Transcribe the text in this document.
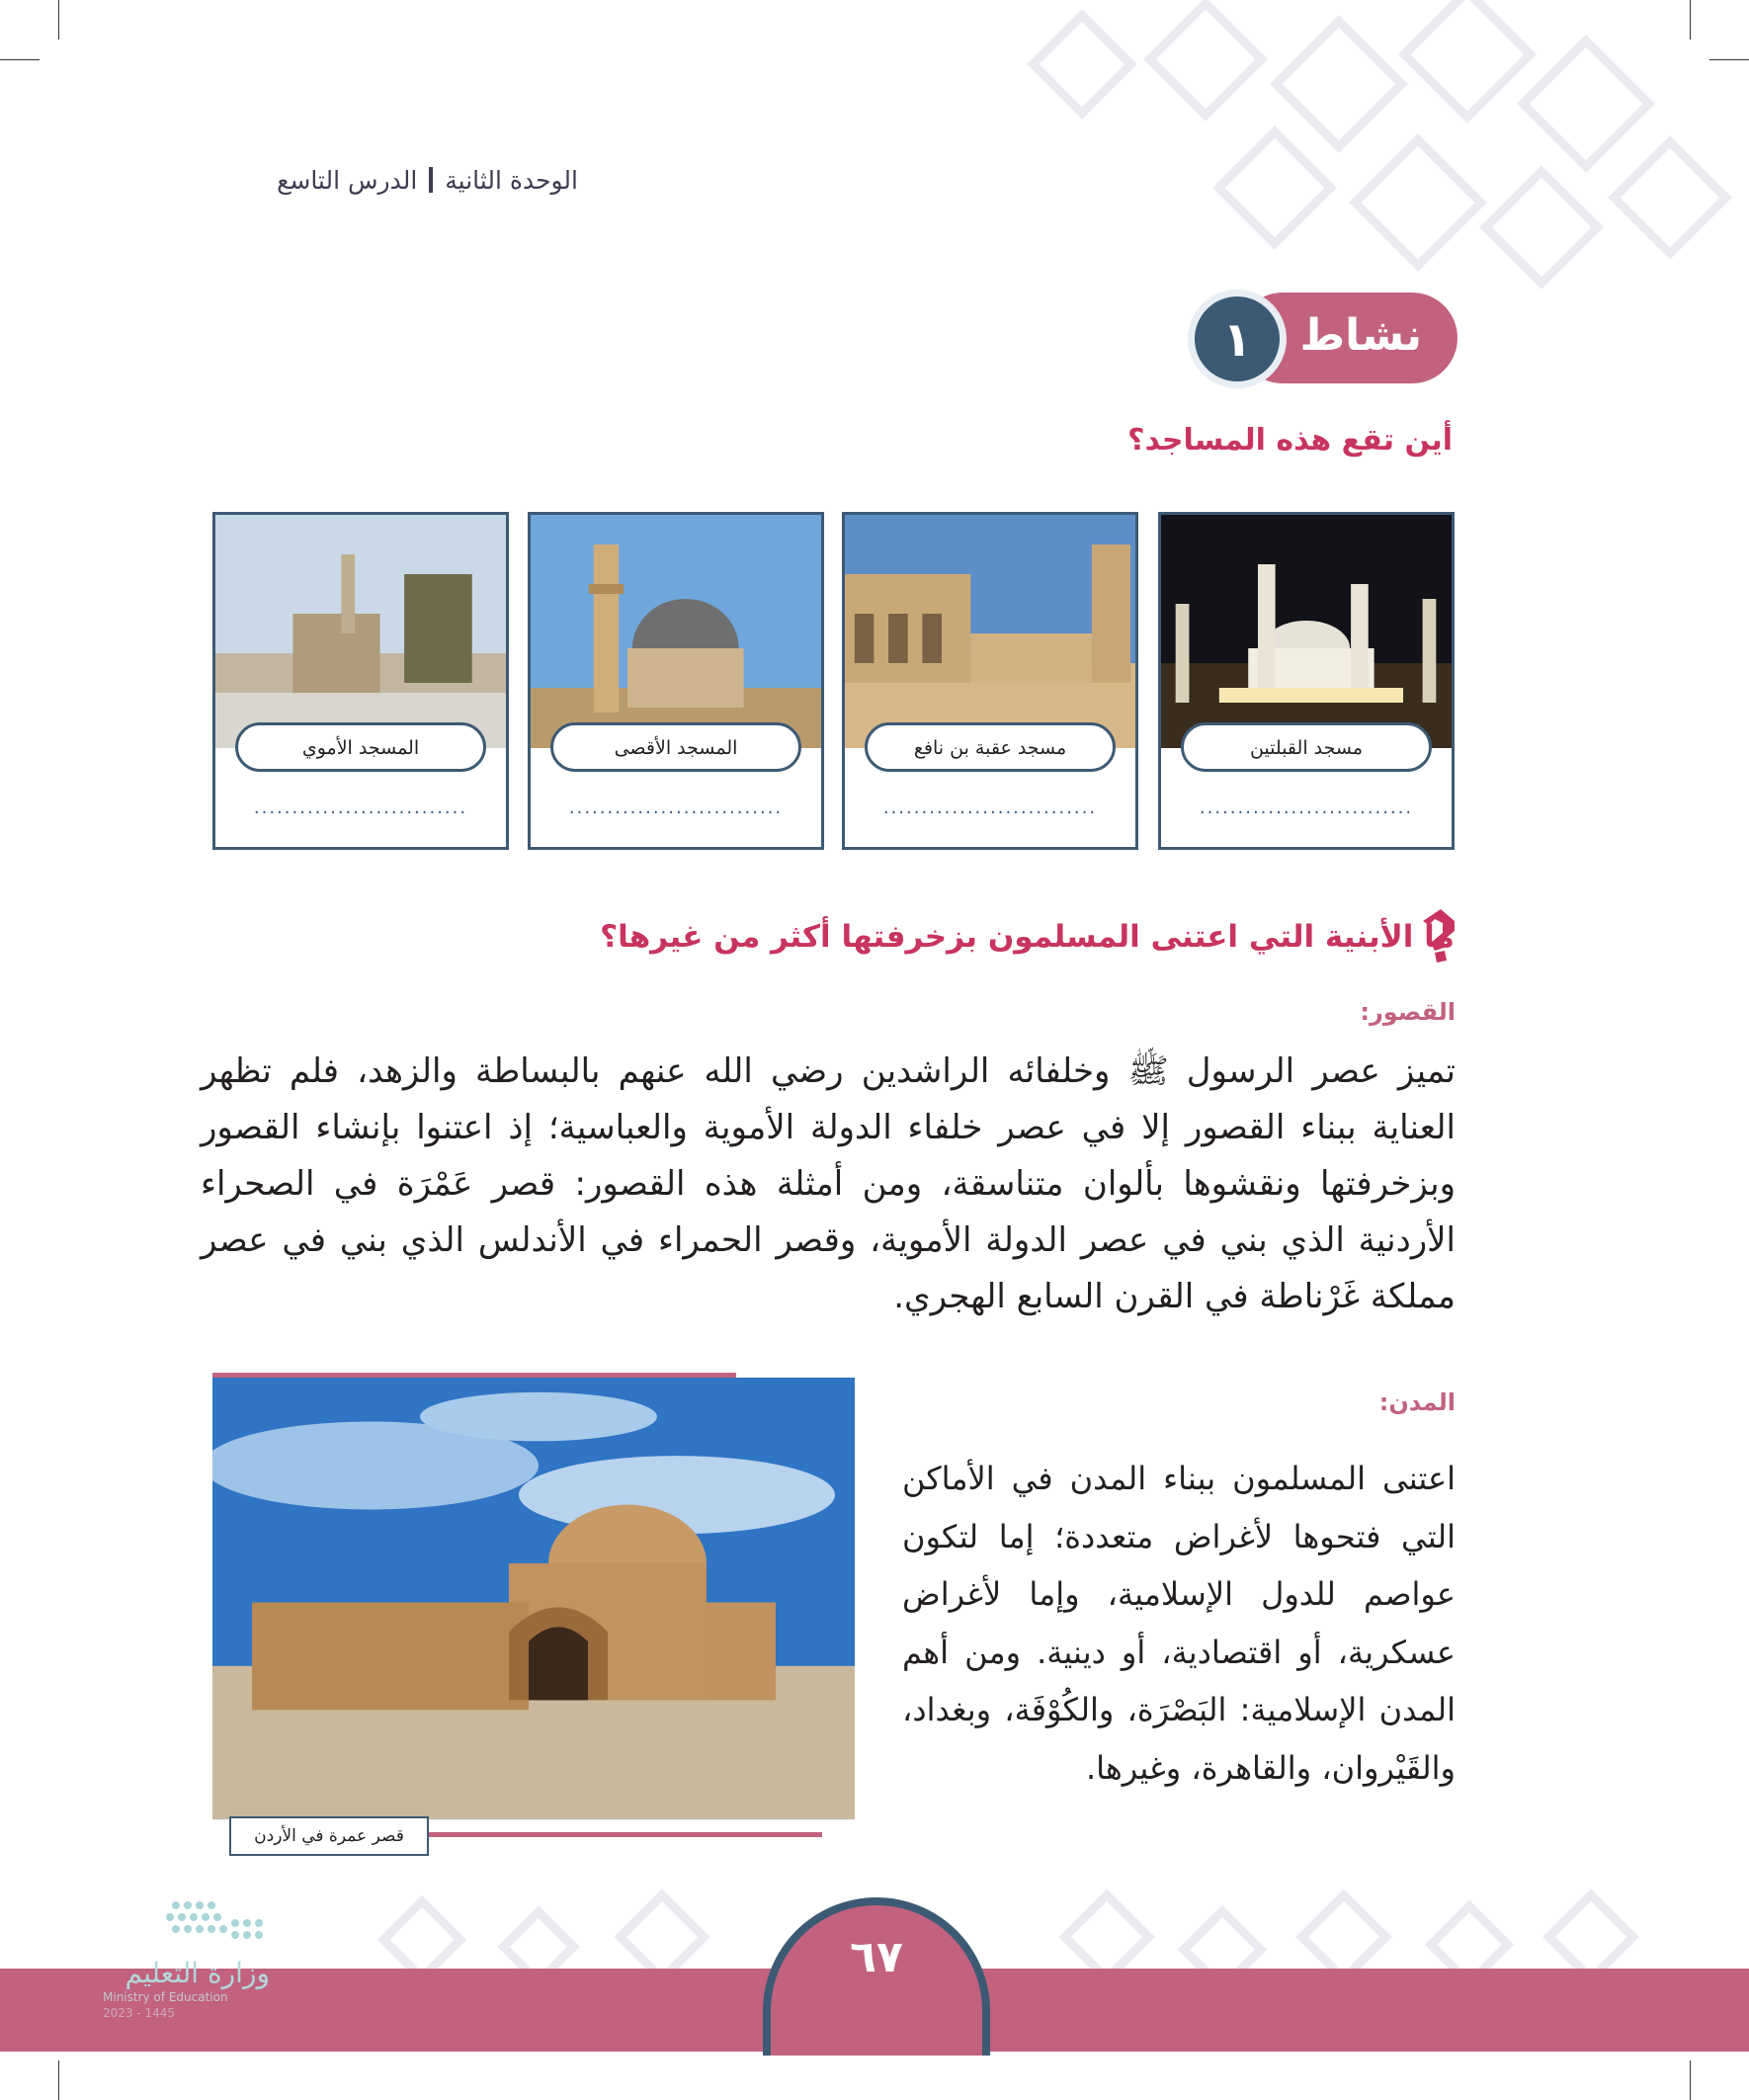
الوحدة الثانيةالدرس التاسع
نشاط
١
أين تقع هذه المساجد؟
مسجد القبلتين
............................
مسجد عقبة بن نافع
............................
المسجد الأقصى
............................
المسجد الأموي
............................
ما الأبنية التي اعتنى المسلمون بزخرفتها أكثر من غيرها؟
القصور:

تميز عصر الرسول ﷺ وخلفائه الراشدين رضي الله عنهم بالبساطة والزهد، فلم تظهر العناية ببناء القصور إلا في عصر خلفاء الدولة الأموية والعباسية؛ إذ اعتنوا بإنشاء القصور وبزخرفتها ونقشوها بألوان متناسقة، ومن أمثلة هذه القصور: قصر عَمْرَة في الصحراء الأردنية الذي بني في عصر الدولة الأموية، وقصر الحمراء في الأندلس الذي بني في عصر مملكة غَرْناطة في القرن السابع الهجري.

قصر عمرة في الأردن
المدن:

اعتنى المسلمون ببناء المدن في الأماكن التي فتحوها لأغراض متعددة؛ إما لتكون عواصم للدول الإسلامية، وإما لأغراض عسكرية، أو اقتصادية، أو دينية. ومن أهم المدن الإسلامية: البَصْرَة، والكُوْفَة، وبغداد، والقَيْروان، والقاهرة، وغيرها.

٦٧
وزارة التعليم
Ministry of Education
2023 - 1445
